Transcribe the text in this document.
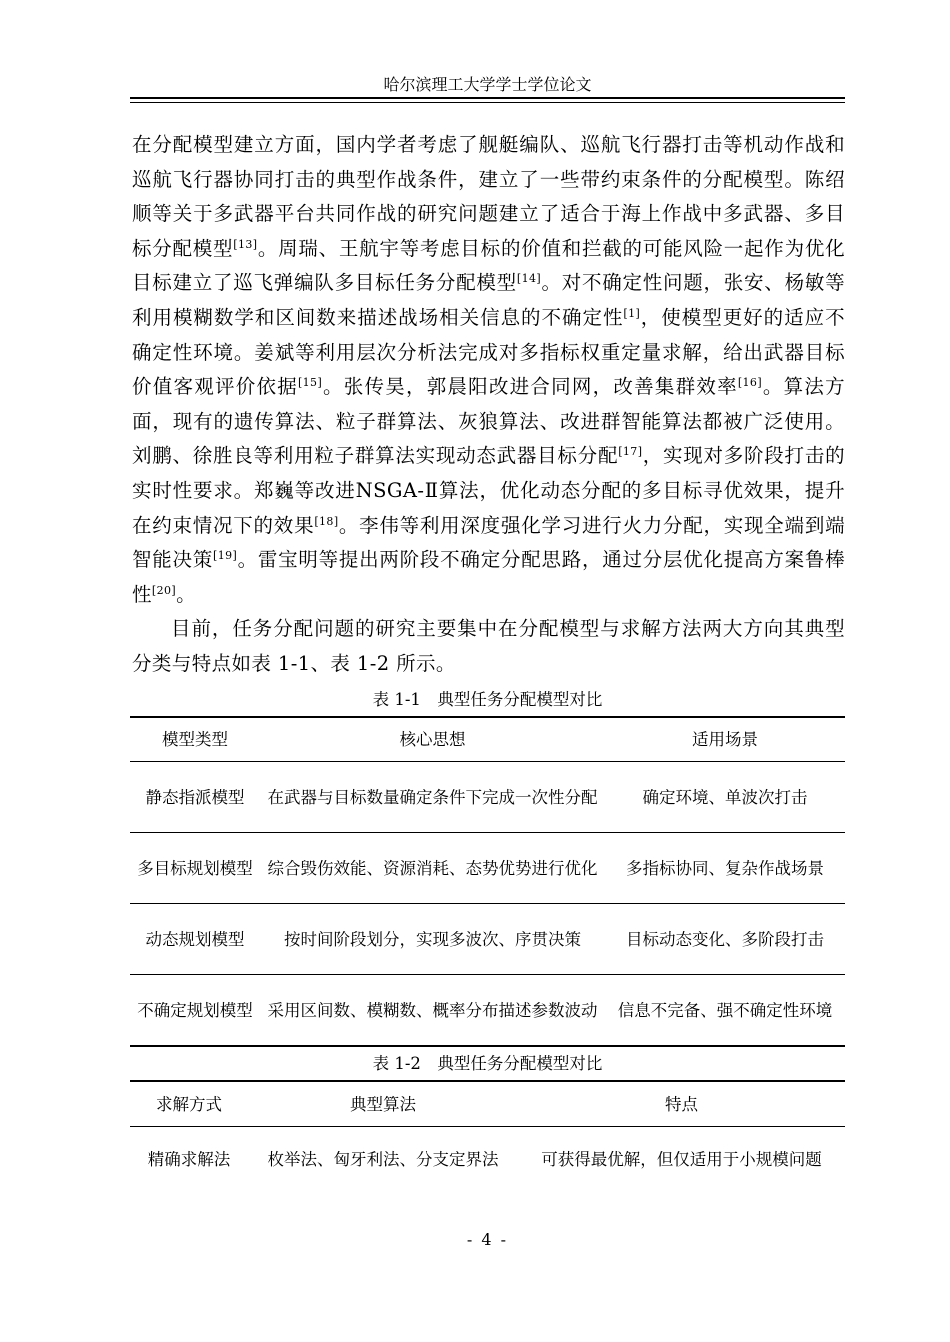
哈尔滨理工大学学士学位论文

在分配模型建立方面，国内学者考虑了舰艇编队、巡航飞行器打击等机动作战和巡航飞行器协同打击的典型作战条件，建立了一些带约束条件的分配模型。陈绍顺等关于多武器平台共同作战的研究问题建立了适合于海上作战中多武器、多目标分配模型[13]。周瑞、王航宇等考虑目标的价值和拦截的可能风险一起作为优化目标建立了巡飞弹编队多目标任务分配模型[14]。对不确定性问题，张安、杨敏等利用模糊数学和区间数来描述战场相关信息的不确定性[1]，使模型更好的适应不确定性环境。姜斌等利用层次分析法完成对多指标权重定量求解，给出武器目标价值客观评价依据[15]。张传昊，郭晨阳改进合同网，改善集群效率[16]。算法方面，现有的遗传算法、粒子群算法、灰狼算法、改进群智能算法都被广泛使用。刘鹏、徐胜良等利用粒子群算法实现动态武器目标分配[17]，实现对多阶段打击的实时性要求。郑巍等改进NSGA-Ⅱ算法，优化动态分配的多目标寻优效果，提升在约束情况下的效果[18]。李伟等利用深度强化学习进行火力分配，实现全端到端智能决策[19]。雷宝明等提出两阶段不确定分配思路，通过分层优化提高方案鲁棒性[20]。

目前，任务分配问题的研究主要集中在分配模型与求解方法两大方向其典型分类与特点如表 1-1、表 1-2 所示。

表 1-1　典型任务分配模型对比
模型类型	核心思想	适用场景
静态指派模型	在武器与目标数量确定条件下完成一次性分配	确定环境、单波次打击
多目标规划模型	综合毁伤效能、资源消耗、态势优势进行优化	多指标协同、复杂作战场景
动态规划模型	按时间阶段划分，实现多波次、序贯决策	目标动态变化、多阶段打击
不确定规划模型	采用区间数、模糊数、概率分布描述参数波动	信息不完备、强不确定性环境
表 1-2　典型任务分配模型对比
求解方式	典型算法	特点
精确求解法	枚举法、匈牙利法、分支定界法	可获得最优解，但仅适用于小规模问题
- 4 -
